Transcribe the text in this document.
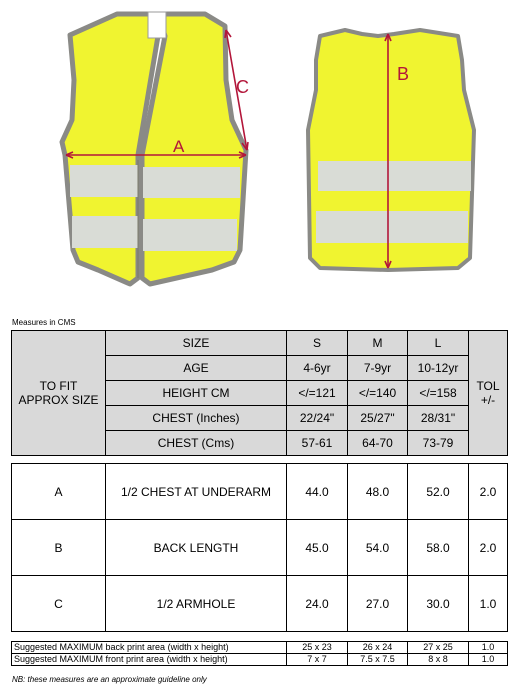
A
C
B
Measures in CMS
TO FIT
APPROX SIZE	SIZE	S	M	L	TOL
+/-
	AGE	4-6yr	7-9yr	10-12yr	
	HEIGHT CM	</=121	</=140	</=158	
	CHEST (Inches)	22/24"	25/27"	28/31"	
	CHEST (Cms)	57-61	64-70	73-79	
A	1/2 CHEST AT UNDERARM	44.0	48.0	52.0	2.0
B	BACK LENGTH	45.0	54.0	58.0	2.0
C	1/2 ARMHOLE	24.0	27.0	30.0	1.0
Suggested MAXIMUM back print area (width x height)	25 x 23	26 x 24	27 x 25	1.0
Suggested MAXIMUM front print area (width x height)	7 x 7	7.5 x 7.5	8 x 8	1.0
NB: these measures are an approximate guideline only
